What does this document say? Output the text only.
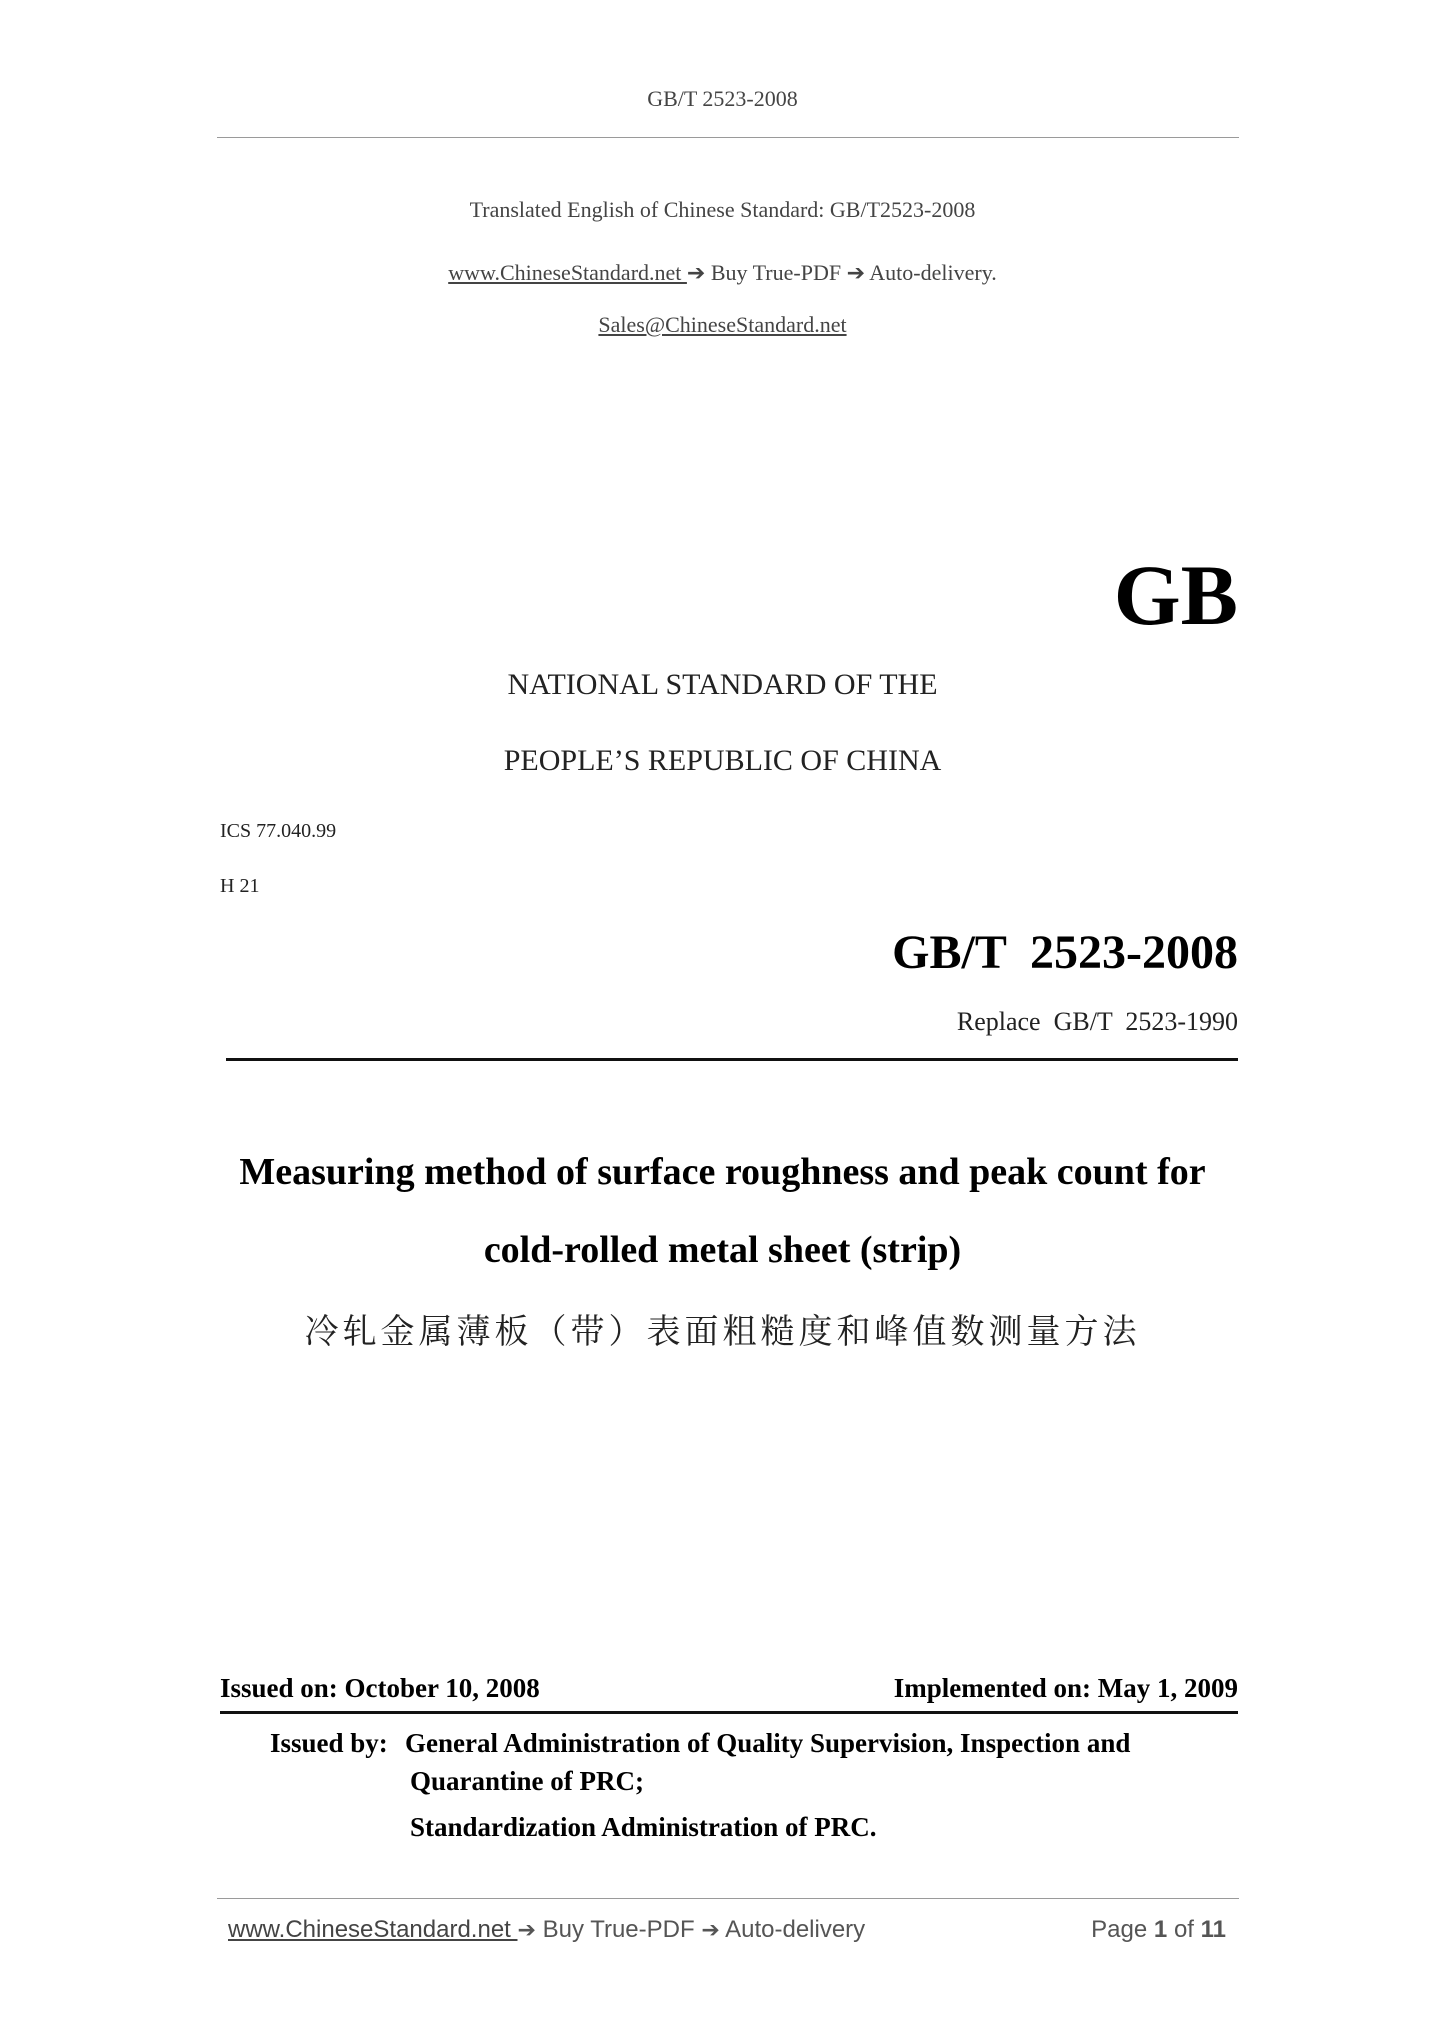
GB/T 2523-2008
Translated English of Chinese Standard: GB/T2523-2008
www.ChineseStandard.net ➔ Buy True-PDF ➔ Auto-delivery.
Sales@ChineseStandard.net
GB
NATIONAL STANDARD OF THE
PEOPLE’S REPUBLIC OF CHINA
ICS 77.040.99
H 21
GB/T  2523-2008
Replace  GB/T  2523-1990
Measuring method of surface roughness and peak count for
cold-rolled metal sheet (strip)
冷轧金属薄板（带）表面粗糙度和峰值数测量方法
Issued on: October 10, 2008	Implemented on: May 1, 2009
Issued by: General Administration of Quality Supervision, Inspection and
Quarantine of PRC;
Standardization Administration of PRC.
www.ChineseStandard.net ➔ Buy True-PDF ➔ Auto-delivery	Page 1 of 11
